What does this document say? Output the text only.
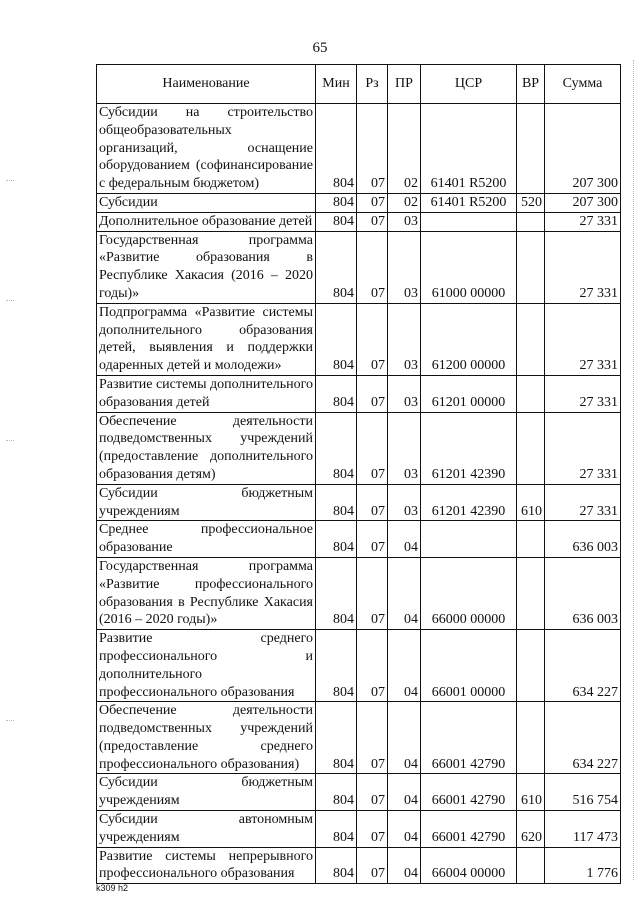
65
Наименование	Мин	Рз	ПР	ЦСР	ВР	Сумма
Субсидии на строительство общеобразовательных организаций, оснащение оборудованием (софинансирование с федеральным бюджетом)	804	07	02	61401 R5200		207 300
Субсидии	804	07	02	61401 R5200	520	207 300
Дополнительное образование детей	804	07	03			27 331
Государственная программа «Развитие образования в Республике Хакасия (2016 – 2020 годы)»	804	07	03	61000 00000		27 331
Подпрограмма «Развитие системы дополнительного образования детей, выявления и поддержки одаренных детей и молодежи»	804	07	03	61200 00000		27 331
Развитие системы дополнительного образования детей	804	07	03	61201 00000		27 331
Обеспечение деятельности подведомственных учреждений (предоставление дополнительного образования детям)	804	07	03	61201 42390		27 331
Субсидии бюджетным учреждениям	804	07	03	61201 42390	610	27 331
Среднее профессиональное образование	804	07	04			636 003
Государственная программа «Развитие профессионального образования в Республике Хакасия (2016 – 2020 годы)»	804	07	04	66000 00000		636 003
Развитие среднего профессионального и дополнительного профессионального образования	804	07	04	66001 00000		634 227
Обеспечение деятельности подведомственных учреждений (предоставление среднего профессионального образования)	804	07	04	66001 42790		634 227
Субсидии бюджетным учреждениям	804	07	04	66001 42790	610	516 754
Субсидии автономным учреждениям	804	07	04	66001 42790	620	117 473
Развитие системы непрерывного профессионального образования	804	07	04	66004 00000		1 776
k309 h2
